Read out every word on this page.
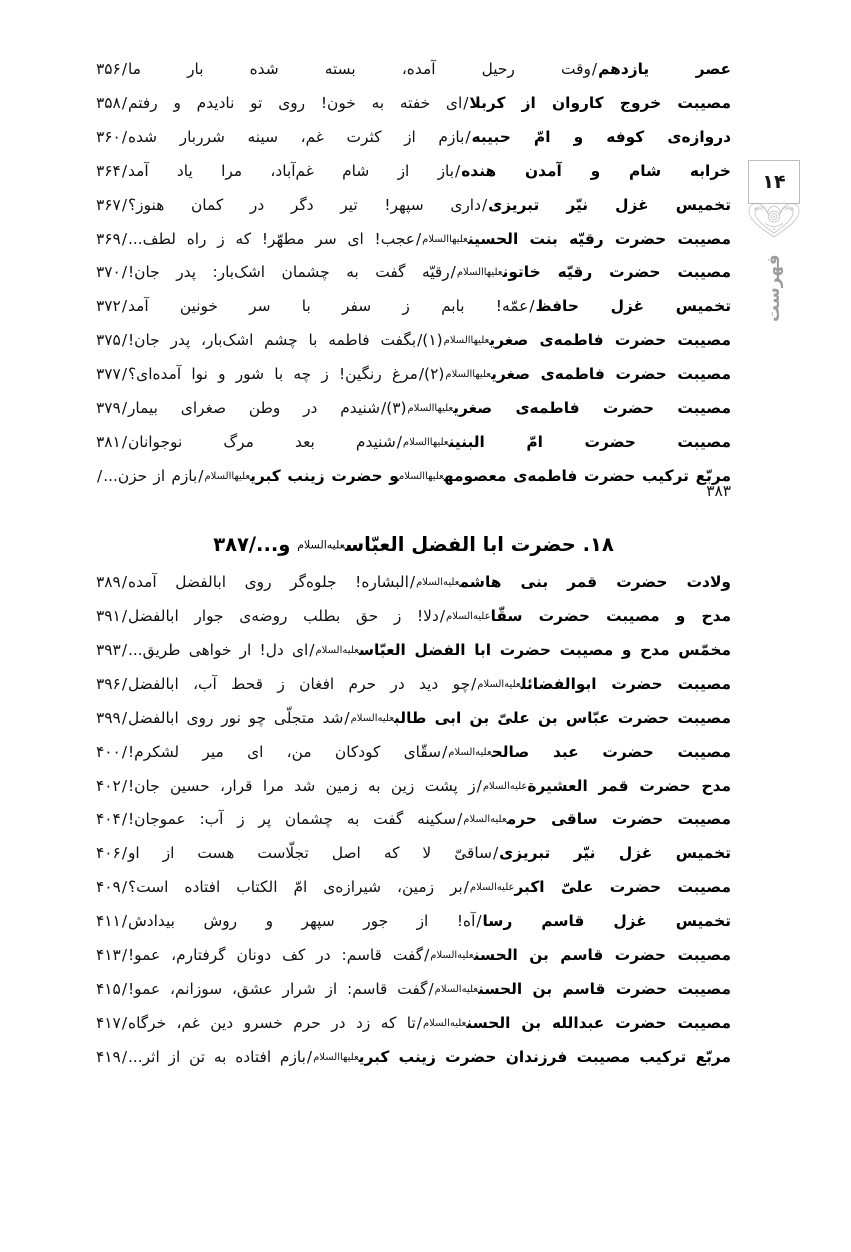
۱۴
فهرست

عصر یازدهم/وقت رحیل آمده، بسته شده بار ما/۳۵۶

مصیبت خروج کاروان از کربلا/ای خفته به خون! روی تو نادیدم و رفتم/۳۵۸

دروازه‌ی کوفه و امّ حبیبه/بازم از کثرت غم، سینه شرربار شده/۳۶۰

خرابه شام و آمدن هنده/باز از شام غم‌آباد، مرا یاد آمد/۳۶۴

تخمیس غزل نیّر تبریزی/داری سپهر! تیر دگر در کمان هنوز؟/۳۶۷

مصیبت حضرت رقیّه بنت الحسینعلیهاالسلام/عجب! ای سر مطهّر! که ز راه لطف.../۳۶۹

مصیبت حضرت رقیّه خاتونعلیهاالسلام/رقیّه گفت به چشمان اشک‌بار: پدر جان!/۳۷۰

تخمیس غزل حافظ/عمّه! بابم ز سفر با سر خونین آمد/۳۷۲

مصیبت حضرت فاطمه‌ی صغریعلیهاالسلام(۱)/بگفت فاطمه با چشم اشک‌بار، پدر جان!/۳۷۵

مصیبت حضرت فاطمه‌ی صغریعلیهاالسلام(۲)/مرغ رنگین! ز چه با شور و نوا آمده‌ای؟/۳۷۷

مصیبت حضرت فاطمه‌ی صغریعلیهاالسلام(۳)/شنیدم در وطن صغرای بیمار/۳۷۹

مصیبت حضرت امّ البنینعلیهاالسلام/شنیدم بعد مرگ نوجوانان/۳۸۱

مربّع ترکیب حضرت فاطمه‌ی معصومهعلیهاالسلامو حضرت زینب کبریعلیهاالسلام/بازم از حزن.../۳۸۳

۱۸. حضرت ابا الفضل العبّاسعلیه‌السلام و.../۳۸۷

ولادت حضرت قمر بنی هاشمعلیه‌السلام/البشاره! جلوه‌گر روی ابالفضل آمده/۳۸۹

مدح و مصیبت حضرت سقّاعلیه‌السلام/دلا! ز حق بطلب روضه‌ی جوار ابالفضل/۳۹۱

مخمّس مدح و مصیبت حضرت ابا الفضل العبّاسعلیه‌السلام/ای دل! ار خواهی طریق.../۳۹۳

مصیبت حضرت ابوالفضائلعلیه‌السلام/چو دید در حرم افغان ز قحط آب، ابالفضل/۳۹۶

مصیبت حضرت عبّاس بن علیّ بن ابی طالبعلیه‌السلام/شد متجلّی چو نور روی ابالفضل/۳۹۹

مصیبت حضرت عبد صالحعلیه‌السلام/سقّای کودکان من، ای میر لشکرم!/۴۰۰

مدح حضرت قمر العشیرةعلیه‌السلام/ز پشت زین به زمین شد مرا قرار، حسین جان!/۴۰۲

مصیبت حضرت ساقی حرمعلیه‌السلام/سکینه گفت به چشمان پر ز آب: عموجان!/۴۰۴

تخمیس غزل نیّر تبریزی/ساقیّ لا که اصل تجلّاست هست از او/۴۰۶

مصیبت حضرت علیّ اکبرعلیه‌السلام/بر زمین، شیرازه‌ی امّ الکتاب افتاده است؟/۴۰۹

تخمیس غزل قاسم رسا/آه! از جور سپهر و روش بیدادش/۴۱۱

مصیبت حضرت قاسم بن الحسنعلیه‌السلام/گفت قاسم: در کف دونان گرفتارم، عمو!/۴۱۳

مصیبت حضرت قاسم بن الحسنعلیه‌السلام/گفت قاسم: از شرار عشق، سوزانم، عمو!/۴۱۵

مصیبت حضرت عبدالله بن الحسنعلیه‌السلام/تا که زد در حرم خسرو دین غم، خرگاه/۴۱۷

مربّع ترکیب مصیبت فرزندان حضرت زینب کبریعلیهاالسلام/بازم افتاده به تن از اثر.../۴۱۹
